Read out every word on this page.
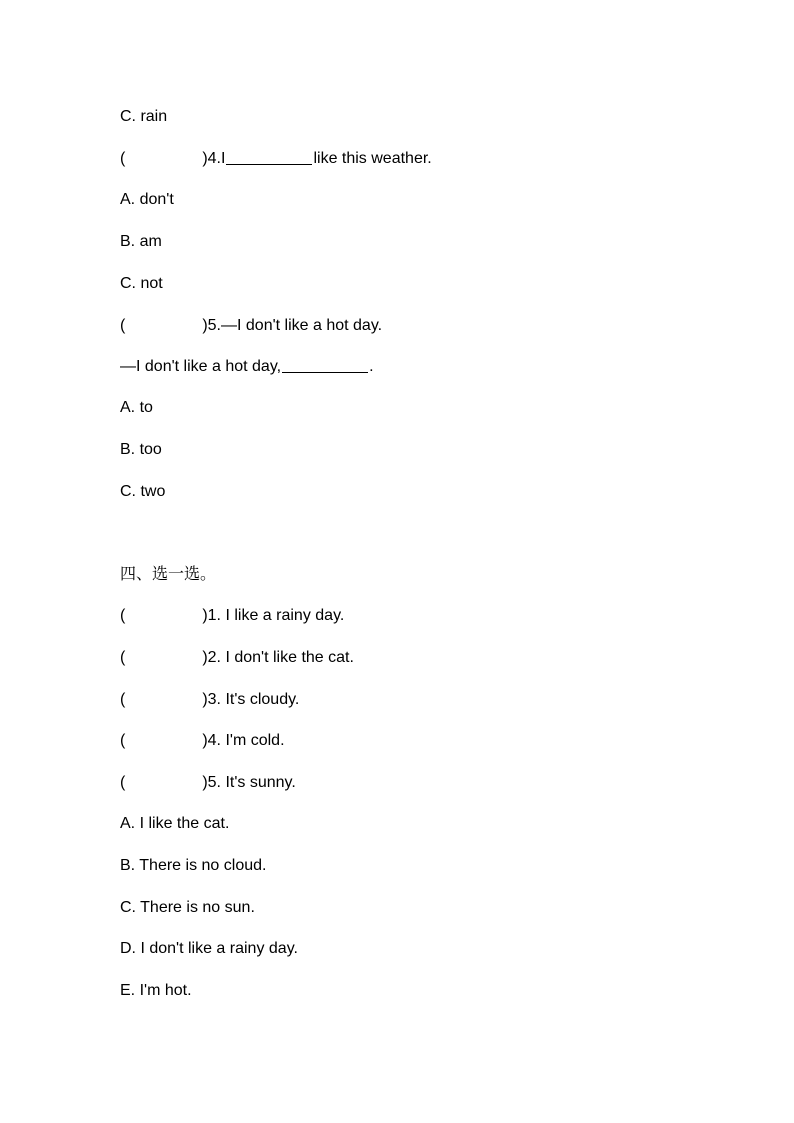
C. rain
(	)4.I	like this weather.
A. don't
B. am
C. not
(	)5.—I don't like a hot day.
—I don't like a hot day,	.
A. to
B. too
C. two
四、选一选。
(	)1. I like a rainy day.
(	)2. I don't like the cat.
(	)3. It's cloudy.
(	)4. I'm cold.
(	)5. It's sunny.
A. I like the cat.
B. There is no cloud.
C. There is no sun.
D. I don't like a rainy day.
E. I'm hot.
